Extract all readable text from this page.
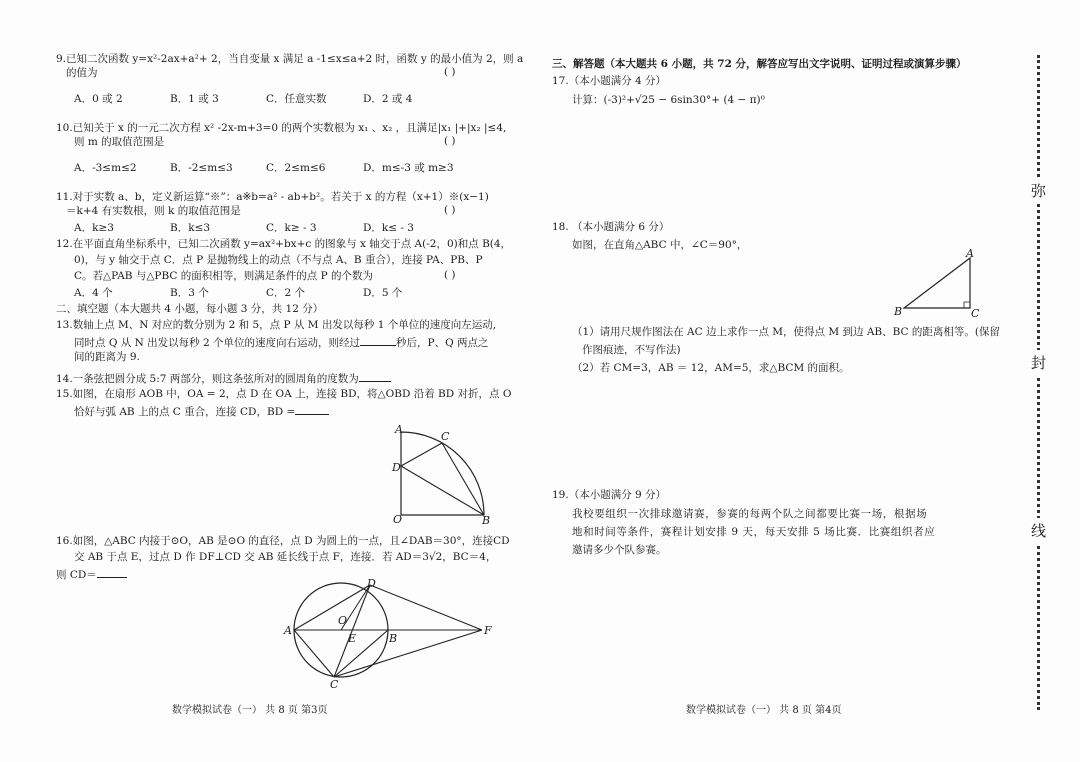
9.已知二次函数 y=x²-2ax+a²+ 2，当自变量 x 满足 a -1≤x≤a+2 时，函数 y 的最小值为 2，则 a
的值为	( )
A．0 或 2	B．1 或 3	C．任意实数	D．2 或 4
10.已知关于 x 的一元二次方程 x² -2x-m+3=0 的两个实数根为 x₁ 、x₂ ，且满足|x₁ |+|x₂ |≤4,
则 m 的取值范围是	( )
A．-3≤m≤2	B．-2≤m≤3	C．2≤m≤6	D．m≤-3 或 m≥3
11.对于实数 a、b，定义新运算“※”：a※b=a² - ab+b²。若关于 x 的方程（x+1）※(x−1)
＝k+4 有实数根，则 k 的取值范围是	( )
A．k≥3	B．k≤3	C．k≥ - 3	D．k≤ - 3
12.在平面直角坐标系中，已知二次函数 y=ax²+bx+c 的图象与 x 轴交于点 A(-2，0)和点 B(4，
0)，与 y 轴交于点 C．点 P 是抛物线上的动点（不与点 A、B 重合），连接 PA、PB、P
C。若△PAB 与△PBC 的面积相等，则满足条件的点 P 的个数为	( )
A．4 个	B．3 个	C．2 个	D．5 个
二、填空题（本大题共 4 小题，每小题 3 分，共 12 分）
13.数轴上点 M、N 对应的数分别为 2 和 5，点 P 从 M 出发以每秒 1 个单位的速度向左运动,
同时点 Q 从 N 出发以每秒 2 个单位的速度向右运动，则经过	秒后，P、Q 两点之
间的距离为 9.
14.一条弦把圆分成 5:7 两部分，则这条弦所对的圆周角的度数为
15.如图，在扇形 AOB 中，OA = 2，点 D 在 OA 上，连接 BD，将△OBD 沿着 BD 对折，点 O
恰好与弧 AB 上的点 C 重合，连接 CD，BD =
A
C
D
O	B
16.如图，△ABC 内接于⊙O，AB 是⊙O 的直径，点 D 为圆上的一点，且∠DAB＝30°，连接CD
交 AB 于点 E，过点 D 作 DF⊥CD 交 AB 延长线于点 F，连接．若 AD＝3√2，BC＝4，
则 CD＝
A
O
E	B
F
D
C
数学模拟试卷（一） 共 8 页 第3页
三、解答题（本大题共 6 小题，共 72 分，解答应写出文字说明、证明过程或演算步骤）
17.（本小题满分 4 分）
计算：(-3)²+√25 − 6sin30°+ (4 − π)⁰
18. （本小题满分 6 分）
如图，在直角△ABC 中，∠C＝90°，
A
B	C
（1）请用尺规作图法在 AC 边上求作一点 M，使得点 M 到边 AB、BC 的距离相等。(保留
作图痕迹，不写作法)
（2）若 CM=3，AB ＝ 12，AM=5，求△BCM 的面积。
19.（本小题满分 9 分）
我校要组织一次排球邀请赛，参赛的每两个队之间都要比赛一场，根据场
地和时间等条件，赛程计划安排 9 天，每天安排 5 场比赛．比赛组织者应
邀请多少个队参赛。
数学模拟试卷（一） 共 8 页 第4页
弥
封
线
